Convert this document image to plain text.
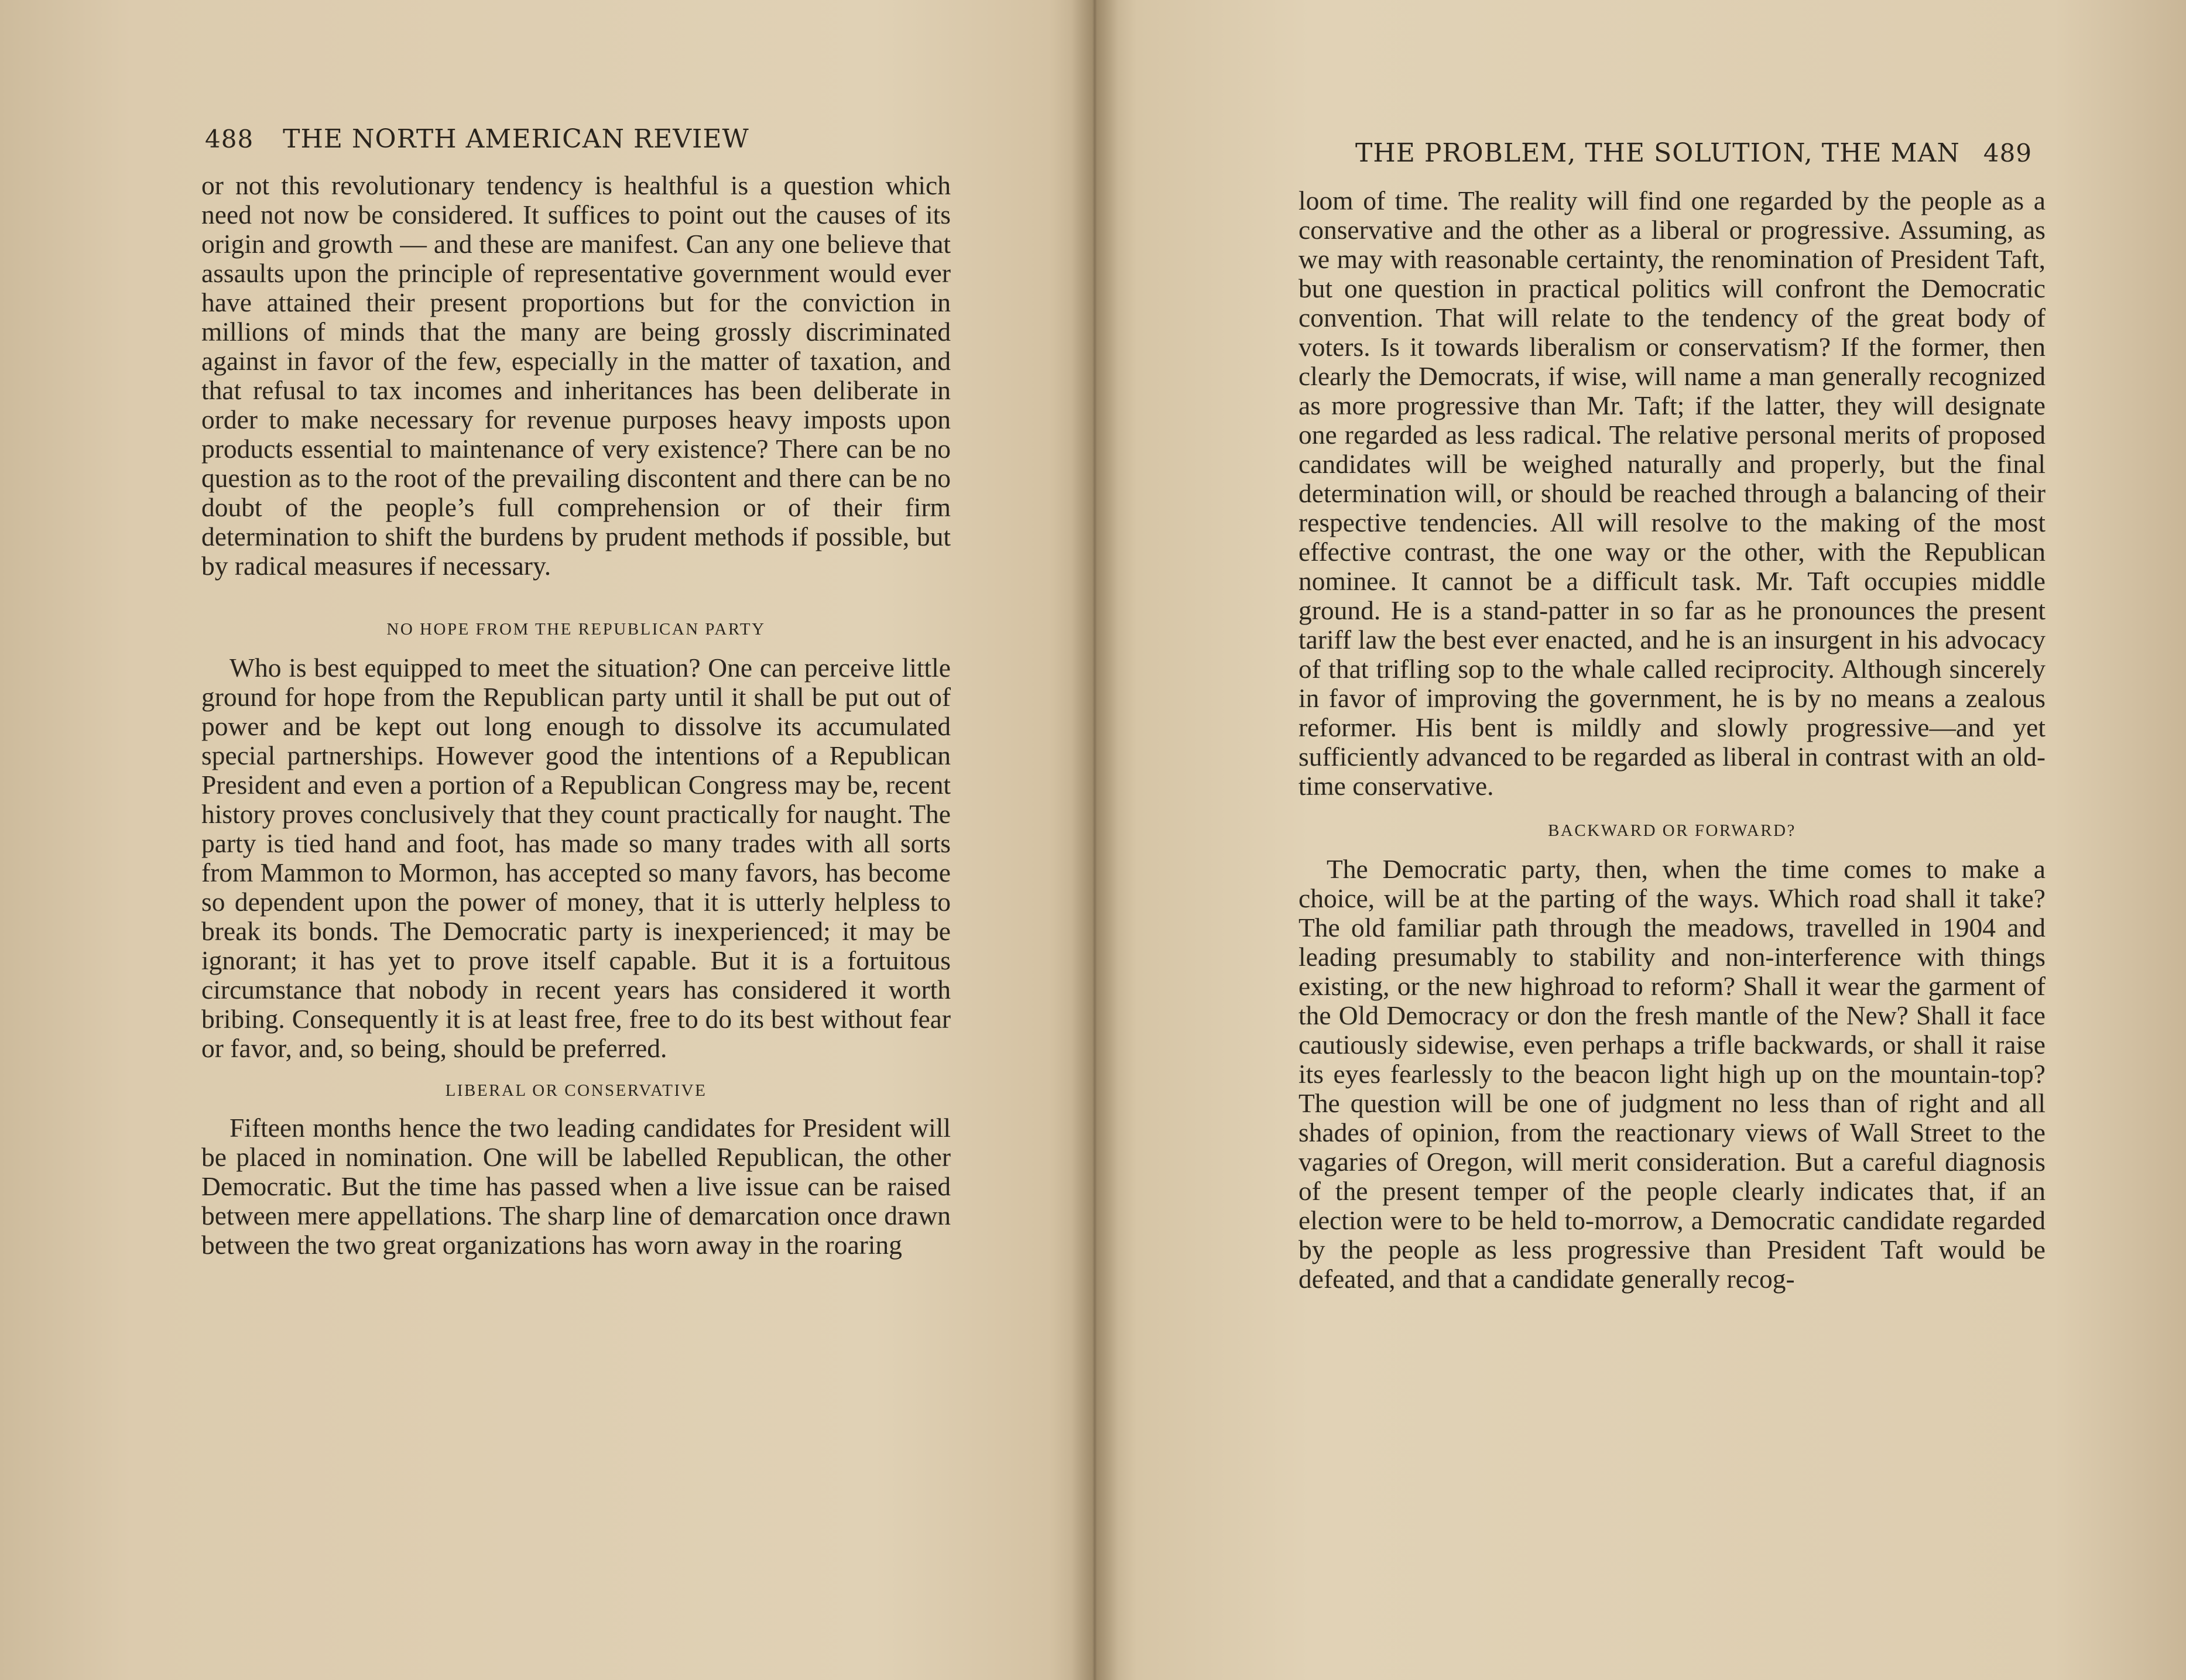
488 THE NORTH AMERICAN REVIEW

or not this revolutionary tendency is healthful is a question which need not now be considered. It suffices to point out the causes of its origin and growth — and these are manifest. Can any one believe that assaults upon the principle of representative government would ever have attained their present proportions but for the conviction in millions of minds that the many are being grossly discriminated against in favor of the few, especially in the matter of taxation, and that refusal to tax incomes and inheritances has been deliberate in order to make necessary for revenue purposes heavy imposts upon products essential to maintenance of very existence? There can be no question as to the root of the prevailing discontent and there can be no doubt of the people’s full comprehension or of their firm determination to shift the burdens by prudent methods if possible, but by radical measures if necessary.

NO HOPE FROM THE REPUBLICAN PARTY

Who is best equipped to meet the situation? One can perceive little ground for hope from the Republican party until it shall be put out of power and be kept out long enough to dissolve its accumulated special partnerships. However good the intentions of a Republican President and even a portion of a Republican Congress may be, recent history proves conclusively that they count practically for naught. The party is tied hand and foot, has made so many trades with all sorts from Mammon to Mormon, has accepted so many favors, has become so dependent upon the power of money, that it is utterly helpless to break its bonds. The Democratic party is inexperienced; it may be ignorant; it has yet to prove itself capable. But it is a fortuitous circumstance that nobody in recent years has considered it worth bribing. Consequently it is at least free, free to do its best without fear or favor, and, so being, should be preferred.

LIBERAL OR CONSERVATIVE

Fifteen months hence the two leading candidates for President will be placed in nomination. One will be labelled Republican, the other Democratic. But the time has passed when a live issue can be raised between mere appellations. The sharp line of demarcation once drawn between the two great organizations has worn away in the roaring

THE PROBLEM, THE SOLUTION, THE MAN 489

loom of time. The reality will find one regarded by the people as a conservative and the other as a liberal or progressive. Assuming, as we may with reasonable certainty, the renomination of President Taft, but one question in practical politics will confront the Democratic convention. That will relate to the tendency of the great body of voters. Is it towards liberalism or conservatism? If the former, then clearly the Democrats, if wise, will name a man generally recognized as more progressive than Mr. Taft; if the latter, they will designate one regarded as less radical. The relative personal merits of proposed candidates will be weighed naturally and properly, but the final determination will, or should be reached through a balancing of their respective tendencies. All will resolve to the making of the most effective contrast, the one way or the other, with the Republican nominee. It cannot be a difficult task. Mr. Taft occupies middle ground. He is a stand-patter in so far as he pronounces the present tariff law the best ever enacted, and he is an insurgent in his advocacy of that trifling sop to the whale called reciprocity. Although sincerely in favor of improving the government, he is by no means a zealous reformer. His bent is mildly and slowly progressive—and yet sufficiently advanced to be regarded as liberal in contrast with an old-time conservative.

BACKWARD OR FORWARD?

The Democratic party, then, when the time comes to make a choice, will be at the parting of the ways. Which road shall it take? The old familiar path through the meadows, travelled in 1904 and leading presumably to stability and non-interference with things existing, or the new highroad to reform? Shall it wear the garment of the Old Democracy or don the fresh mantle of the New? Shall it face cautiously sidewise, even perhaps a trifle backwards, or shall it raise its eyes fearlessly to the beacon light high up on the mountain-top? The question will be one of judgment no less than of right and all shades of opinion, from the reactionary views of Wall Street to the vagaries of Oregon, will merit consideration. But a careful diagnosis of the present temper of the people clearly indicates that, if an election were to be held to-morrow, a Democratic candidate regarded by the people as less progressive than President Taft would be defeated, and that a candidate generally recog-
